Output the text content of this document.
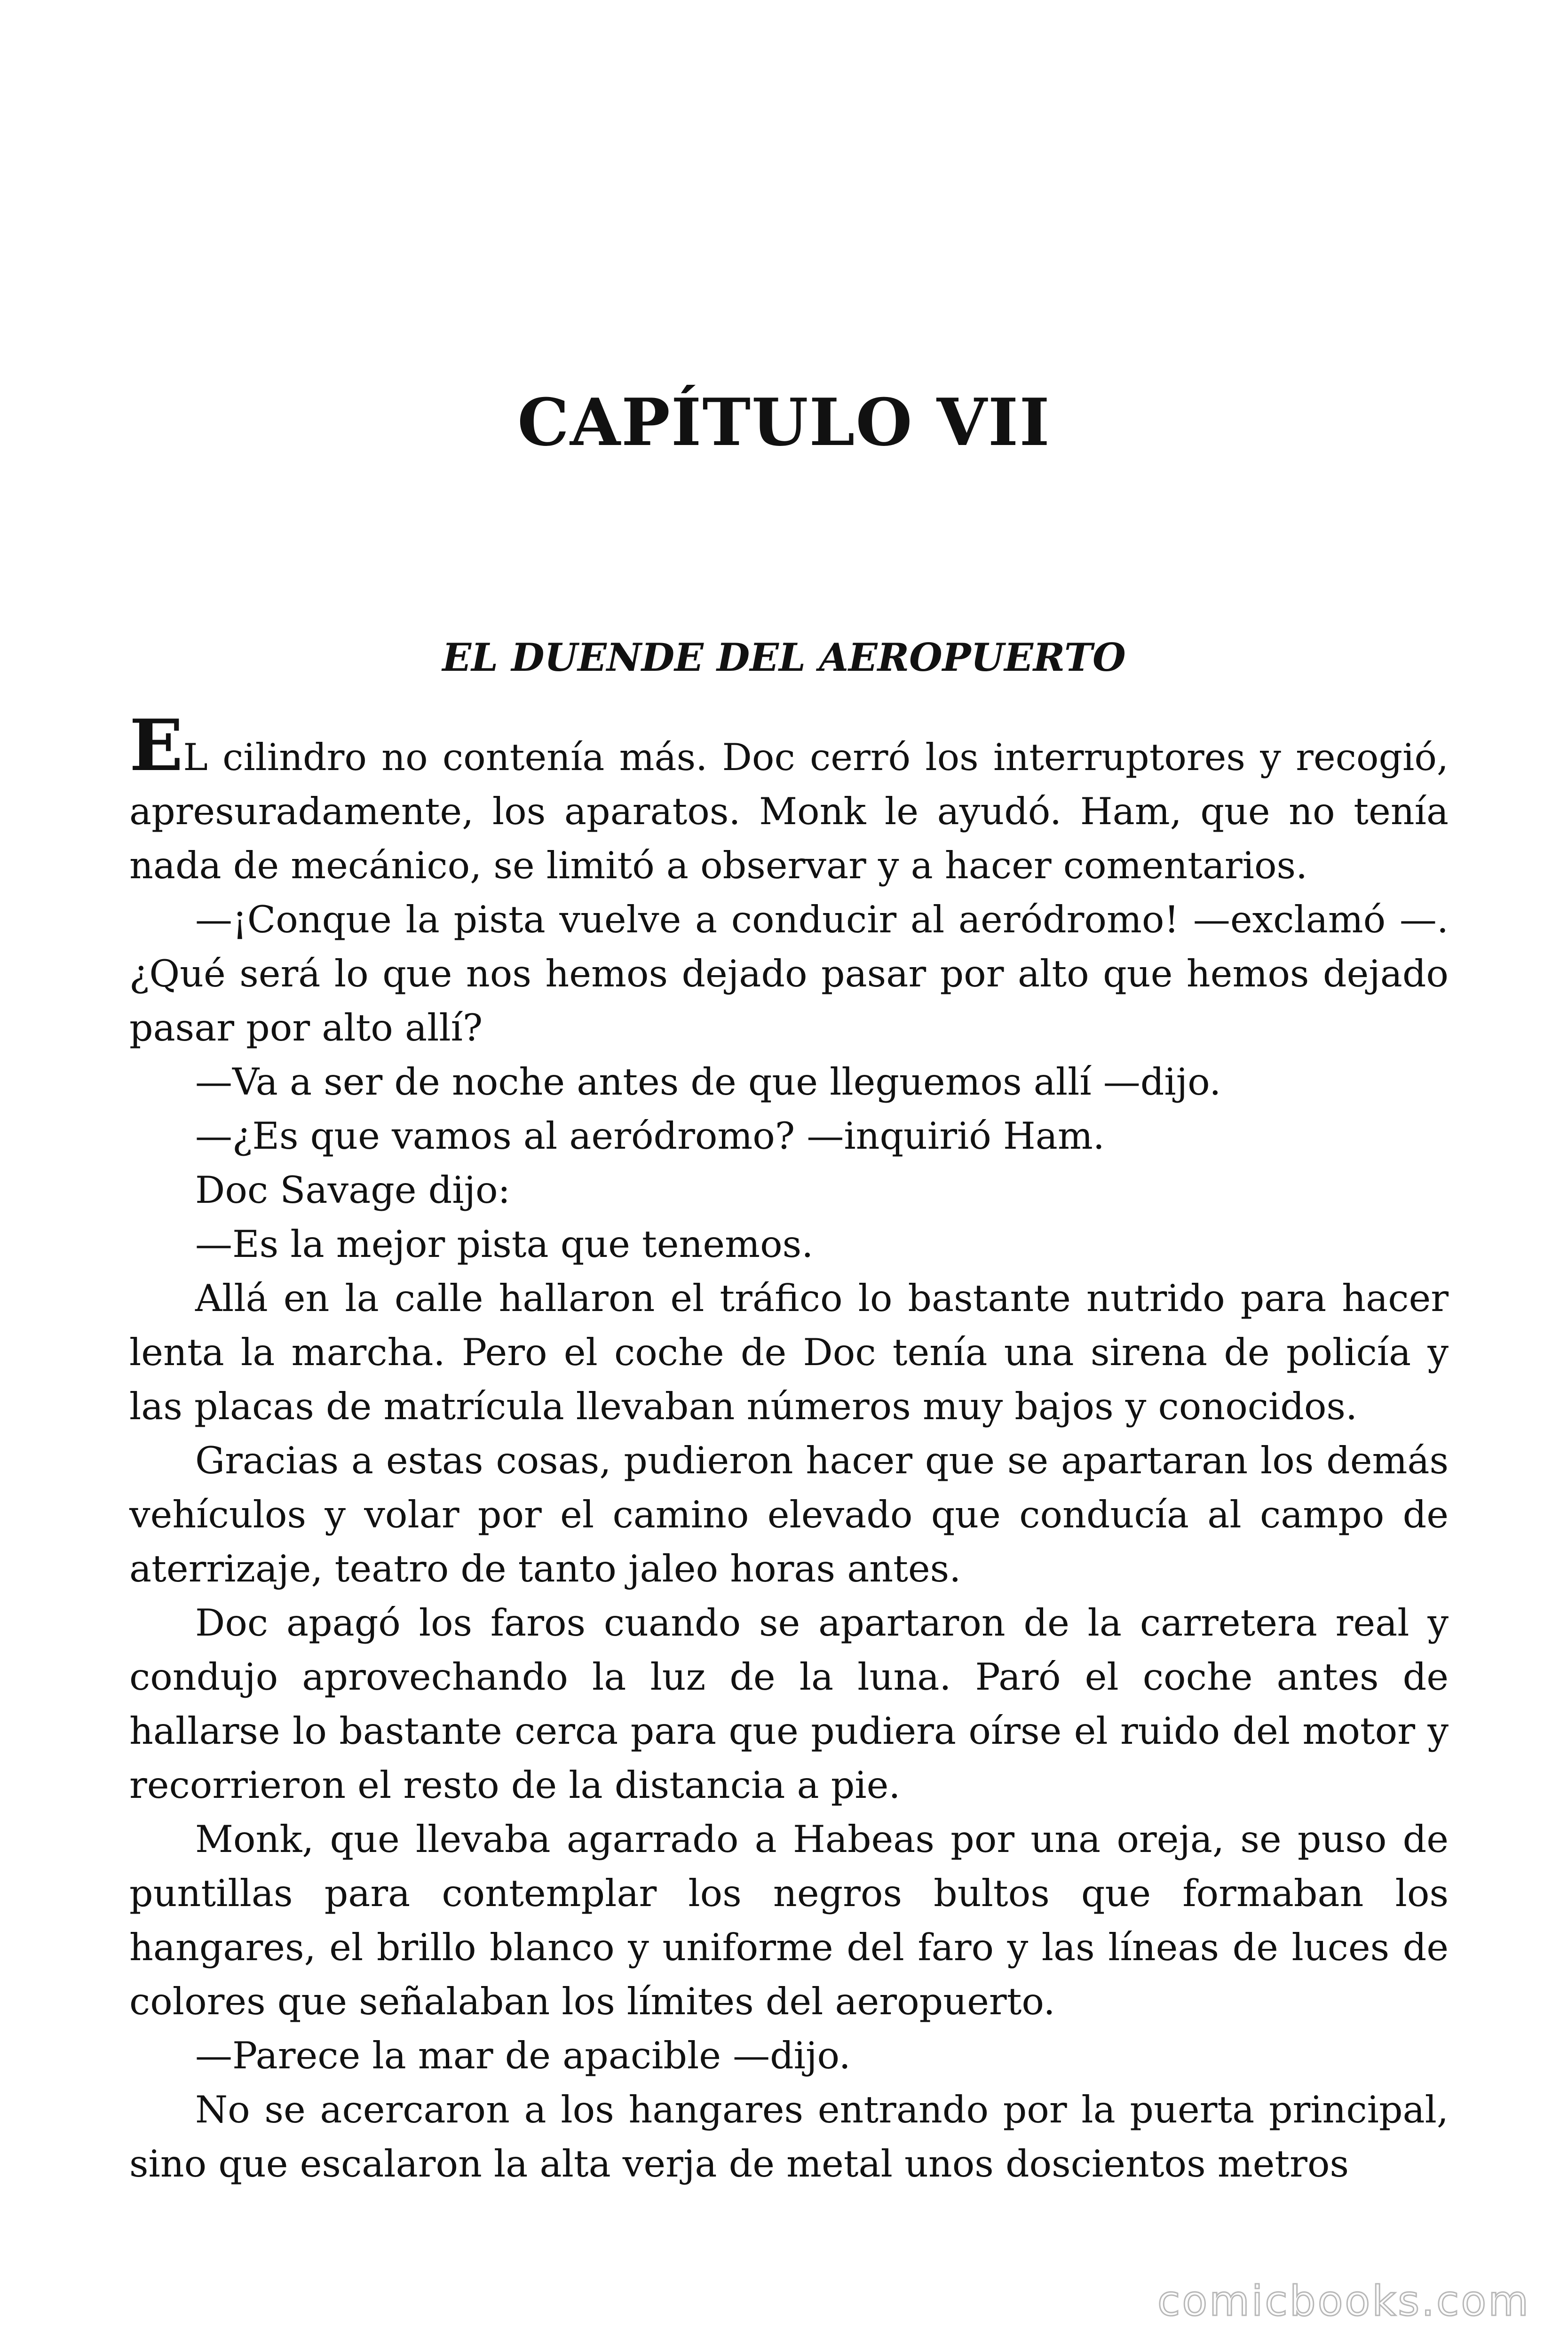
CAPÍTULO VII
EL DUENDE DEL AEROPUERTO

EL cilindro no contenía más. Doc cerró los interruptores y recogió, apresuradamente, los aparatos. Monk le ayudó. Ham, que no tenía nada de mecánico, se limitó a observar y a hacer comentarios.

—¡Conque la pista vuelve a conducir al aeródromo! —exclamó —. ¿Qué será lo que nos hemos dejado pasar por alto que hemos dejado pasar por alto allí?

—Va a ser de noche antes de que lleguemos allí —dijo.

—¿Es que vamos al aeródromo? —inquirió Ham.

Doc Savage dijo:

—Es la mejor pista que tenemos.

Allá en la calle hallaron el tráfico lo bastante nutrido para hacer lenta la marcha. Pero el coche de Doc tenía una sirena de policía y las placas de matrícula llevaban números muy bajos y conocidos.

Gracias a estas cosas, pudieron hacer que se apartaran los demás vehículos y volar por el camino elevado que conducía al campo de aterrizaje, teatro de tanto jaleo horas antes.

Doc apagó los faros cuando se apartaron de la carretera real y condujo aprovechando la luz de la luna. Paró el coche antes de hallarse lo bastante cerca para que pudiera oírse el ruido del motor y recorrieron el resto de la distancia a pie.

Monk, que llevaba agarrado a Habeas por una oreja, se puso de puntillas para contemplar los negros bultos que formaban los hangares, el brillo blanco y uniforme del faro y las líneas de luces de colores que señalaban los límites del aeropuerto.

—Parece la mar de apacible —dijo.

No se acercaron a los hangares entrando por la puerta principal, sino que escalaron la alta verja de metal unos doscientos metros

comicbooks.com
